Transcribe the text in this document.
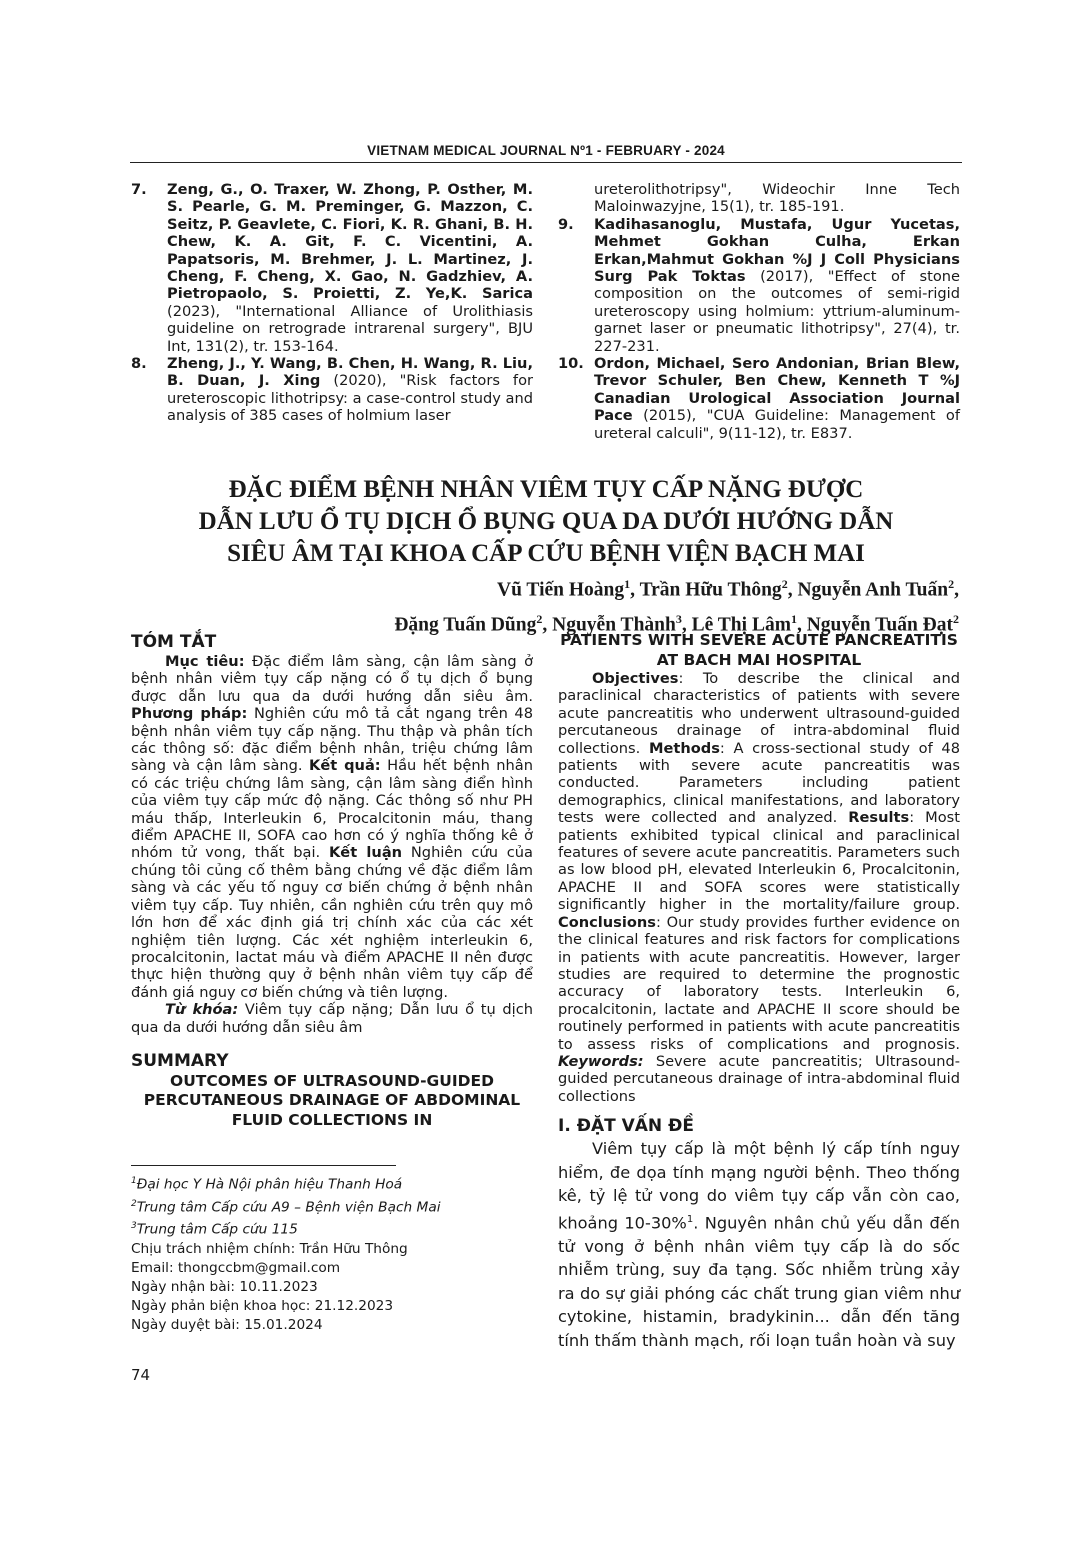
VIETNAM MEDICAL JOURNAL Nº1 - FEBRUARY - 2024
7. Zeng, G., O. Traxer, W. Zhong, P. Osther, M. S. Pearle, G. M. Preminger, G. Mazzon, C. Seitz, P. Geavlete, C. Fiori, K. R. Ghani, B. H. Chew, K. A. Git, F. C. Vicentini, A. Papatsoris, M. Brehmer, J. L. Martinez, J. Cheng, F. Cheng, X. Gao, N. Gadzhiev, A. Pietropaolo, S. Proietti, Z. Ye,K. Sarica (2023), "International Alliance of Urolithiasis guideline on retrograde intrarenal surgery", BJU Int, 131(2), tr. 153-164.
8. Zheng, J., Y. Wang, B. Chen, H. Wang, R. Liu, B. Duan, J. Xing (2020), "Risk factors for ureteroscopic lithotripsy: a case-control study and analysis of 385 cases of holmium laser
ureterolithotripsy", Wideochir Inne Tech Maloinwazyjne, 15(1), tr. 185-191.
9. Kadihasanoglu, Mustafa, Ugur Yucetas, Mehmet Gokhan Culha, Erkan Erkan,Mahmut Gokhan %J J Coll Physicians Surg Pak Toktas (2017), "Effect of stone composition on the outcomes of semi-rigid ureteroscopy using holmium: yttrium-aluminum-garnet laser or pneumatic lithotripsy", 27(4), tr. 227-231.
10. Ordon, Michael, Sero Andonian, Brian Blew, Trevor Schuler, Ben Chew, Kenneth T %J Canadian Urological Association Journal Pace (2015), "CUA Guideline: Management of ureteral calculi", 9(11-12), tr. E837.
ĐẶC ĐIỂM BỆNH NHÂN VIÊM TỤY CẤP NẶNG ĐƯỢC
DẪN LƯU Ổ TỤ DỊCH Ổ BỤNG QUA DA DƯỚI HƯỚNG DẪN
SIÊU ÂM TẠI KHOA CẤP CỨU BỆNH VIỆN BẠCH MAI
Vũ Tiến Hoàng$^1$, Trần Hữu Thông$^2$, Nguyễn Anh Tuấn$^2$,
Đặng Tuấn Dũng$^2$, Nguyễn Thành$^3$, Lê Thị Lâm$^1$, Nguyễn Tuấn Đạt$^2$
TÓM TẮT

Mục tiêu: Đặc điểm lâm sàng, cận lâm sàng ở bệnh nhân viêm tụy cấp nặng có ổ tụ dịch ổ bụng được dẫn lưu qua da dưới hướng dẫn siêu âm. Phương pháp: Nghiên cứu mô tả cắt ngang trên 48 bệnh nhân viêm tụy cấp nặng. Thu thập và phân tích các thông số: đặc điểm bệnh nhân, triệu chứng lâm sàng và cận lâm sàng. Kết quả: Hầu hết bệnh nhân có các triệu chứng lâm sàng, cận lâm sàng điển hình của viêm tụy cấp mức độ nặng. Các thông số như PH máu thấp, Interleukin 6, Procalcitonin máu, thang điểm APACHE II, SOFA cao hơn có ý nghĩa thống kê ở nhóm tử vong, thất bại. Kết luận Nghiên cứu của chúng tôi củng cố thêm bằng chứng về đặc điểm lâm sàng và các yếu tố nguy cơ biến chứng ở bệnh nhân viêm tụy cấp. Tuy nhiên, cần nghiên cứu trên quy mô lớn hơn để xác định giá trị chính xác của các xét nghiệm tiên lượng. Các xét nghiệm interleukin 6, procalcitonin, lactat máu và điểm APACHE II nên được thực hiện thường quy ở bệnh nhân viêm tụy cấp để đánh giá nguy cơ biến chứng và tiên lượng.

Từ khóa: Viêm tụy cấp nặng; Dẫn lưu ổ tụ dịch qua da dưới hướng dẫn siêu âm

SUMMARY
OUTCOMES OF ULTRASOUND-GUIDED PERCUTANEOUS DRAINAGE OF ABDOMINAL FLUID COLLECTIONS IN
PATIENTS WITH SEVERE ACUTE PANCREATITIS AT BACH MAI HOSPITAL

Objectives: To describe the clinical and paraclinical characteristics of patients with severe acute pancreatitis who underwent ultrasound-guided percutaneous drainage of intra-abdominal fluid collections. Methods: A cross-sectional study of 48 patients with severe acute pancreatitis was conducted. Parameters including patient demographics, clinical manifestations, and laboratory tests were collected and analyzed. Results: Most patients exhibited typical clinical and paraclinical features of severe acute pancreatitis. Parameters such as low blood pH, elevated Interleukin 6, Procalcitonin, APACHE II and SOFA scores were statistically significantly higher in the mortality/failure group. Conclusions: Our study provides further evidence on the clinical features and risk factors for complications in patients with acute pancreatitis. However, larger studies are required to determine the prognostic accuracy of laboratory tests. Interleukin 6, procalcitonin, lactate and APACHE II score should be routinely performed in patients with acute pancreatitis to assess risks of complications and prognosis. Keywords: Severe acute pancreatitis; Ultrasound-guided percutaneous drainage of intra-abdominal fluid collections

I. ĐẶT VẤN ĐỀ

Viêm tụy cấp là một bệnh lý cấp tính nguy hiểm, đe dọa tính mạng người bệnh. Theo thống kê, tỷ lệ tử vong do viêm tụy cấp vẫn còn cao, khoảng 10-30%$^1$. Nguyên nhân chủ yếu dẫn đến tử vong ở bệnh nhân viêm tụy cấp là do sốc nhiễm trùng, suy đa tạng. Sốc nhiễm trùng xảy ra do sự giải phóng các chất trung gian viêm như cytokine, histamin, bradykinin... dẫn đến tăng tính thấm thành mạch, rối loạn tuần hoàn và suy

$^1$Đại học Y Hà Nội phân hiệu Thanh Hoá
$^2$Trung tâm Cấp cứu A9 – Bệnh viện Bạch Mai
$^3$Trung tâm Cấp cứu 115
Chịu trách nhiệm chính: Trần Hữu Thông
Email: thongccbm@gmail.com
Ngày nhận bài: 10.11.2023
Ngày phản biện khoa học: 21.12.2023
Ngày duyệt bài: 15.01.2024
74
